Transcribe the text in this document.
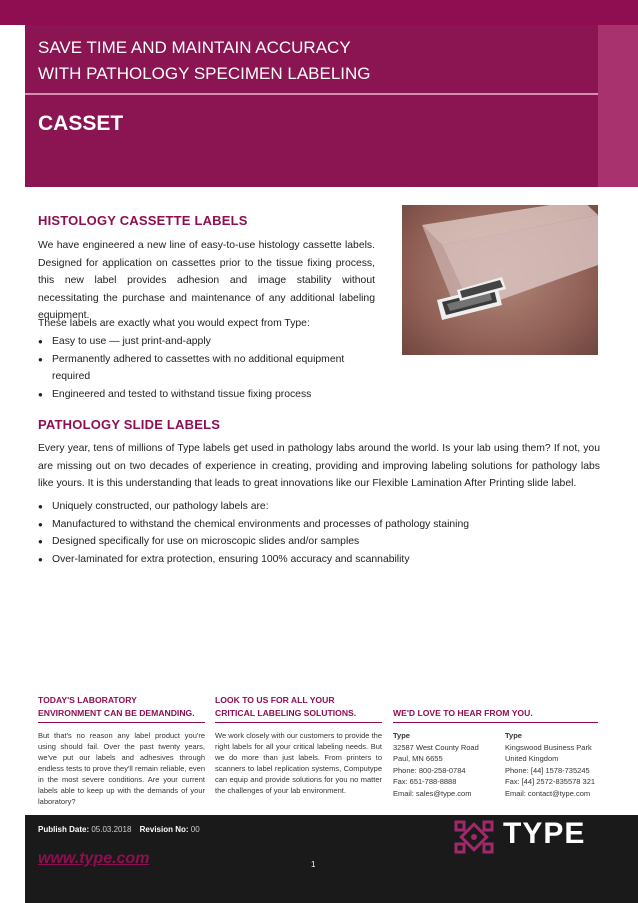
SAVE TIME AND MAINTAIN ACCURACY
WITH PATHOLOGY SPECIMEN LABELING
CASSET
HISTOLOGY CASSETTE LABELS

We have engineered a new line of easy-to-use histology cassette labels. Designed for application on cassettes prior to the tissue fixing process, this new label provides adhesion and image stability without necessitating the purchase and maintenance of any additional labeling equipment.

These labels are exactly what you would expect from Type:

● Easy to use — just print-and-apply
● Permanently adhered to cassettes with no additional equipment required
● Engineered and tested to withstand tissue fixing process
PATHOLOGY SLIDE LABELS

Every year, tens of millions of Type labels get used in pathology labs around the world. Is your lab using them? If not, you are missing out on two decades of experience in creating, providing and improving labeling solutions for pathology labs like yours. It is this understanding that leads to great innovations like our Flexible Lamination After Printing slide label.

● Uniquely constructed, our pathology labels are:
● Manufactured to withstand the chemical environments and processes of pathology staining
● Designed specifically for use on microscopic slides and/or samples
● Over-laminated for extra protection, ensuring 100% accuracy and scannability
TODAY'S LABORATORY
ENVIRONMENT CAN BE DEMANDING.

But that's no reason any label product you're using should fail. Over the past twenty years, we've put our labels and adhesives through endless tests to prove they'll remain reliable, even in the most severe conditions. Are your current labels able to keep up with the demands of your laboratory?

LOOK TO US FOR ALL YOUR
CRITICAL LABELING SOLUTIONS.

We work closely with our customers to provide the right labels for all your critical labeling needs. But we do more than just labels. From printers to scanners to label replication systems, Computype can equip and provide solutions for you no matter the challenges of your lab environment.

WE'D LOVE TO HEAR FROM YOU.
Type
32587 West County Road
Paul, MN 6655
Phone: 800-258-0784
Fax: 651-788-8888
Email: sales@type.com
Type
Kingswood Business Park
United Kingdom
Phone: [44] 1578-735245
Fax: [44] 2572-835578 321
Email: contact@type.com
Publish Date: 05.03.2018 Revision No: 00
www.type.com	1
TYPE
